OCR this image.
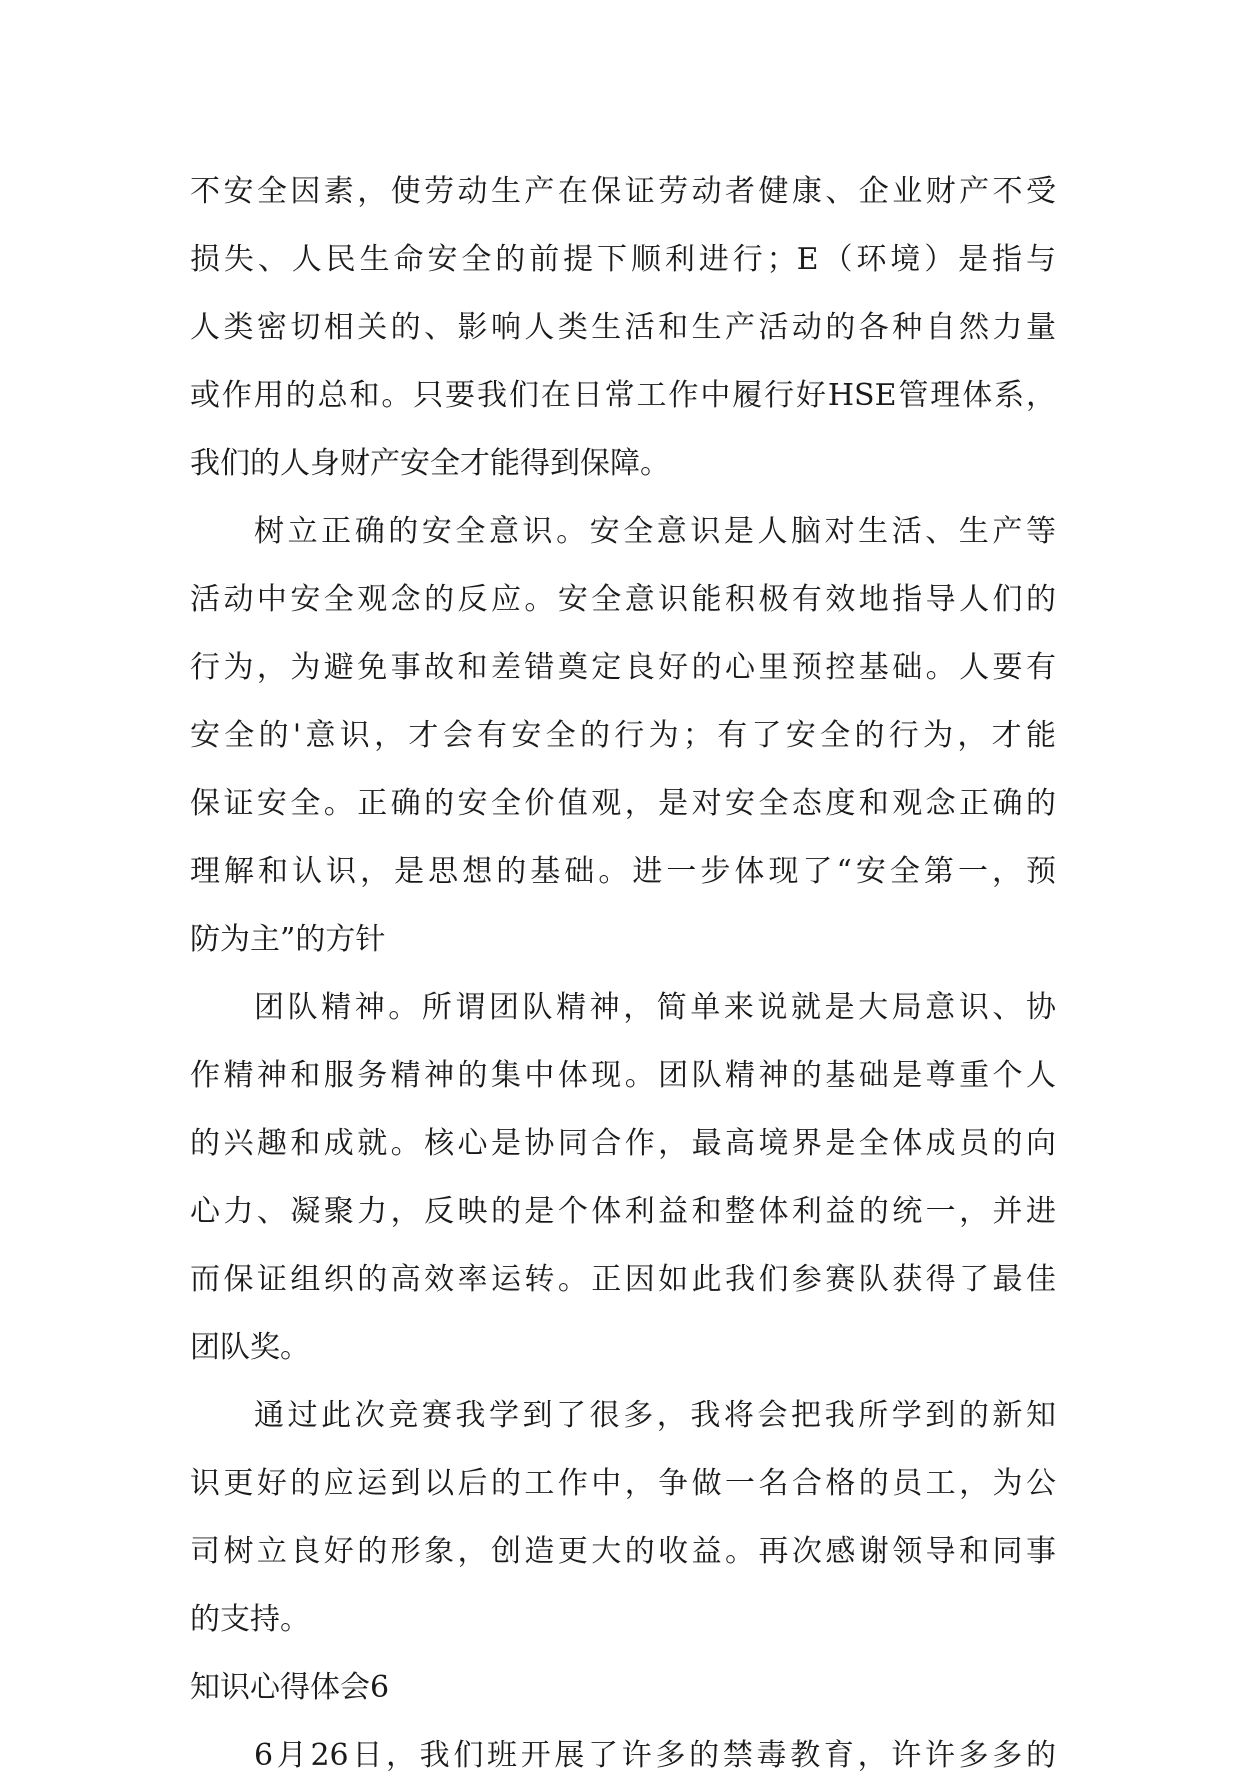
不安全因素，使劳动生产在保证劳动者健康、企业财产不受
损失、人民生命安全的前提下顺利进行；E（环境）是指与
人类密切相关的、影响人类生活和生产活动的各种自然力量
或作用的总和。只要我们在日常工作中履行好HSE管理体系，
我们的人身财产安全才能得到保障。
树立正确的安全意识。安全意识是人脑对生活、生产等
活动中安全观念的反应。安全意识能积极有效地指导人们的
行为，为避免事故和差错奠定良好的心里预控基础。人要有
安全的'意识，才会有安全的行为；有了安全的行为，才能
保证安全。正确的安全价值观，是对安全态度和观念正确的
理解和认识，是思想的基础。进一步体现了“安全第一，预
防为主”的方针
团队精神。所谓团队精神，简单来说就是大局意识、协
作精神和服务精神的集中体现。团队精神的基础是尊重个人
的兴趣和成就。核心是协同合作，最高境界是全体成员的向
心力、凝聚力，反映的是个体利益和整体利益的统一，并进
而保证组织的高效率运转。正因如此我们参赛队获得了最佳
团队奖。
通过此次竞赛我学到了很多，我将会把我所学到的新知
识更好的应运到以后的工作中，争做一名合格的员工，为公
司树立良好的形象，创造更大的收益。再次感谢领导和同事
的支持。
知识心得体会6
6月26日，我们班开展了许多的禁毒教育，许许多多的
